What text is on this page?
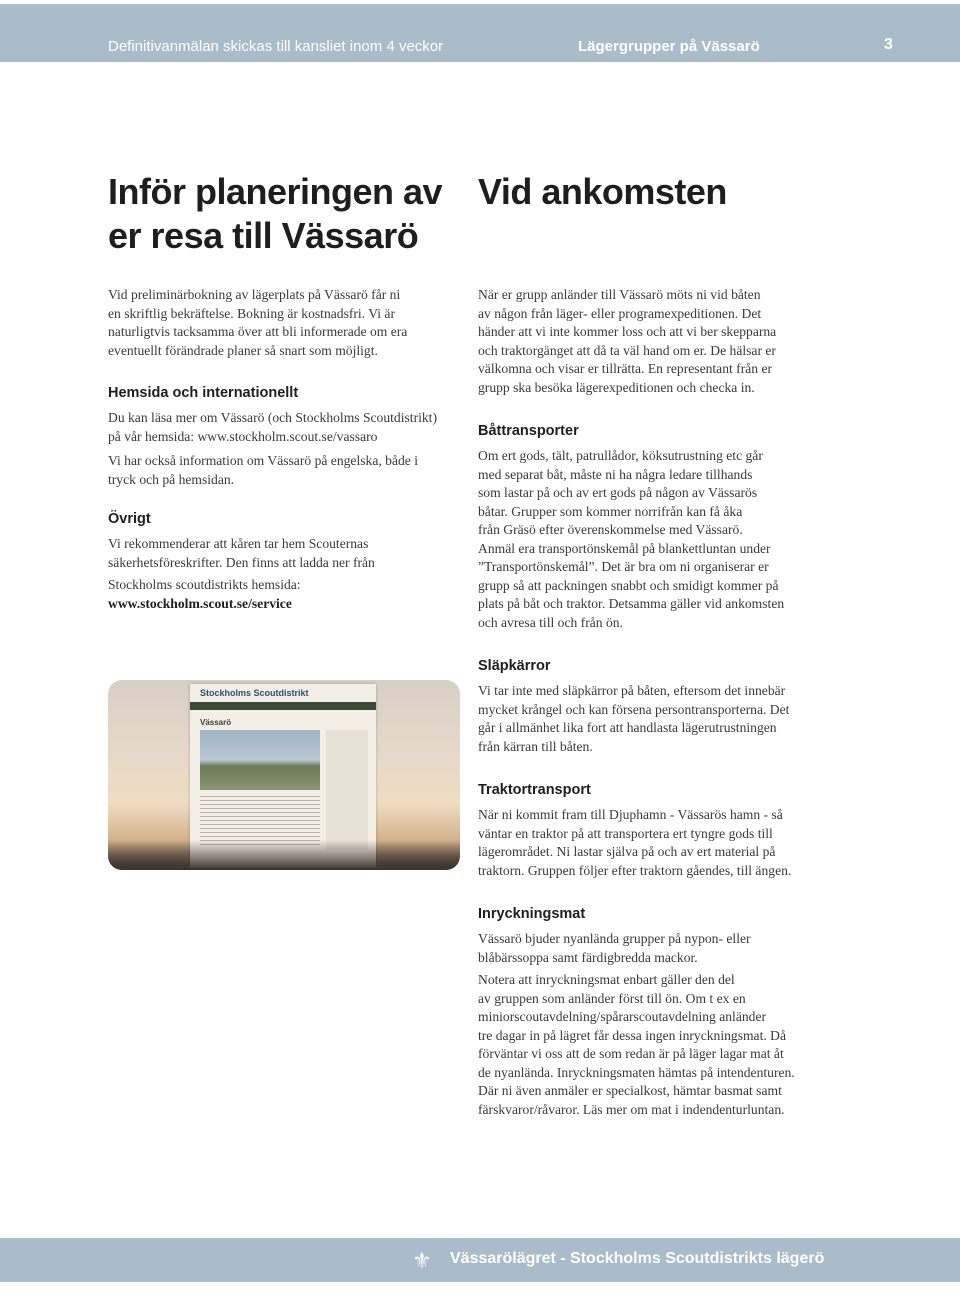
Definitivanmälan skickas till kansliet inom 4 veckor	Lägergrupper på Vässarö	3
Inför planeringen av
er resa till Vässarö

Vid preliminärbokning av lägerplats på Vässarö får ni
en skriftlig bekräftelse. Bokning är kostnadsfri. Vi är
naturligtvis tacksamma över att bli informerade om era
eventuellt förändrade planer så snart som möjligt.

Hemsida och internationellt

Du kan läsa mer om Vässarö (och Stockholms Scoutdistrikt)
på vår hemsida: www.stockholm.scout.se/vassaro

Vi har också information om Vässarö på engelska, både i
tryck och på hemsidan.

Övrigt

Vi rekommenderar att kåren tar hem Scouternas
säkerhetsföreskrifter. Den finns att ladda ner från

Stockholms scoutdistrikts hemsida:
www.stockholm.scout.se/service

Stockholms Scoutdistrikt
Vässarö
Vid ankomsten

När er grupp anländer till Vässarö möts ni vid båten
av någon från läger- eller programexpeditionen. Det
händer att vi inte kommer loss och att vi ber skepparna
och traktorgänget att då ta väl hand om er. De hälsar er
välkomna och visar er tillrätta. En representant från er
grupp ska besöka lägerexpeditionen och checka in.

Båttransporter

Om ert gods, tält, patrullådor, köksutrustning etc går
med separat båt, måste ni ha några ledare tillhands
som lastar på och av ert gods på någon av Vässarös
båtar. Grupper som kommer norrifrån kan få åka
från Gräsö efter överenskommelse med Vässarö.
Anmäl era transportönskemål på blankettluntan under
”Transportönskemål”. Det är bra om ni organiserar er
grupp så att packningen snabbt och smidigt kommer på
plats på båt och traktor. Detsamma gäller vid ankomsten
och avresa till och från ön.

Släpkärror

Vi tar inte med släpkärror på båten, eftersom det innebär
mycket krångel och kan försena persontransporterna. Det
går i allmänhet lika fort att handlasta lägerutrustningen
från kärran till båten.

Traktortransport

När ni kommit fram till Djuphamn - Vässarös hamn - så
väntar en traktor på att transportera ert tyngre gods till
lägerområdet. Ni lastar själva på och av ert material på
traktorn. Gruppen följer efter traktorn gåendes, till ängen.

Inryckningsmat

Vässarö bjuder nyanlända grupper på nypon- eller
blåbärssoppa samt färdigbredda mackor.

Notera att inryckningsmat enbart gäller den del
av gruppen som anländer först till ön. Om t ex en
miniorscoutavdelning/spårarscoutavdelning anländer
tre dagar in på lägret får dessa ingen inryckningsmat. Då
förväntar vi oss att de som redan är på läger lagar mat åt
de nyanlända. Inryckningsmaten hämtas på intendenturen.
Där ni även anmäler er specialkost, hämtar basmat samt
färskvaror/råvaror. Läs mer om mat i indendenturluntan.

⚜ Vässarölägret - Stockholms Scoutdistrikts lägerö
